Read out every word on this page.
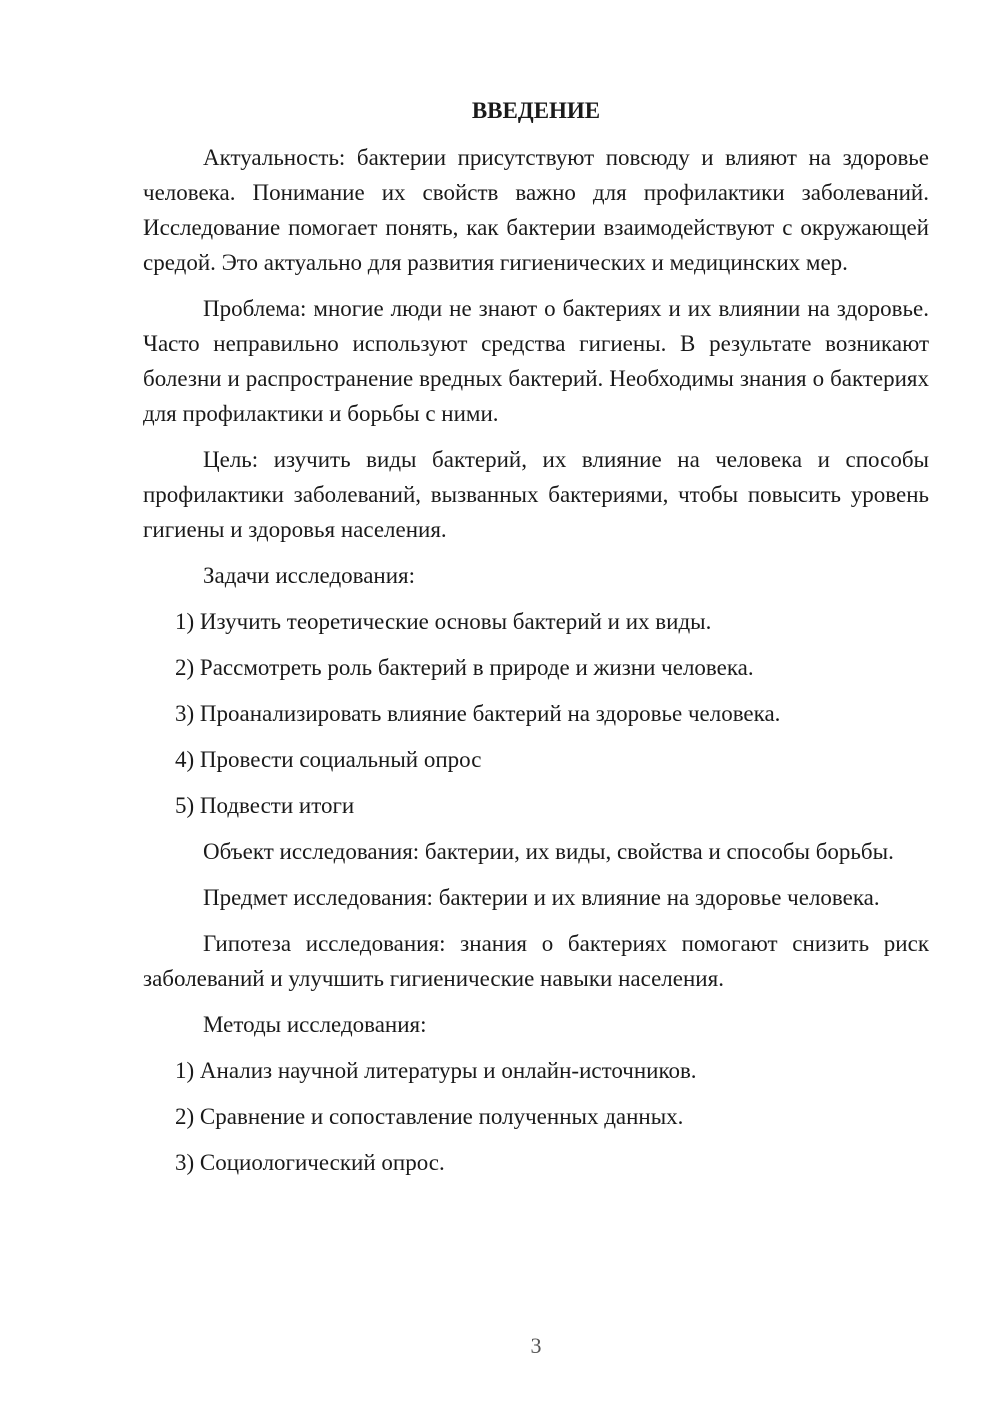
ВВЕДЕНИЕ

Актуальность: бактерии присутствуют повсюду и влияют на здоровье человека. Понимание их свойств важно для профилактики заболеваний. Исследование помогает понять, как бактерии взаимодействуют с окружающей средой. Это актуально для развития гигиенических и медицинских мер.

Проблема: многие люди не знают о бактериях и их влиянии на здоровье. Часто неправильно используют средства гигиены. В результате возникают болезни и распространение вредных бактерий. Необходимы знания о бактериях для профилактики и борьбы с ними.

Цель: изучить виды бактерий, их влияние на человека и способы профилактики заболеваний, вызванных бактериями, чтобы повысить уровень гигиены и здоровья населения.

Задачи исследования:

1) Изучить теоретические основы бактерий и их виды.
2) Рассмотреть роль бактерий в природе и жизни человека.
3) Проанализировать влияние бактерий на здоровье человека.
4) Провести социальный опрос
5) Подвести итоги

Объект исследования: бактерии, их виды, свойства и способы борьбы.

Предмет исследования: бактерии и их влияние на здоровье человека.

Гипотеза исследования: знания о бактериях помогают снизить риск заболеваний и улучшить гигиенические навыки населения.

Методы исследования:

1) Анализ научной литературы и онлайн-источников.
2) Сравнение и сопоставление полученных данных.
3) Социологический опрос.
3
